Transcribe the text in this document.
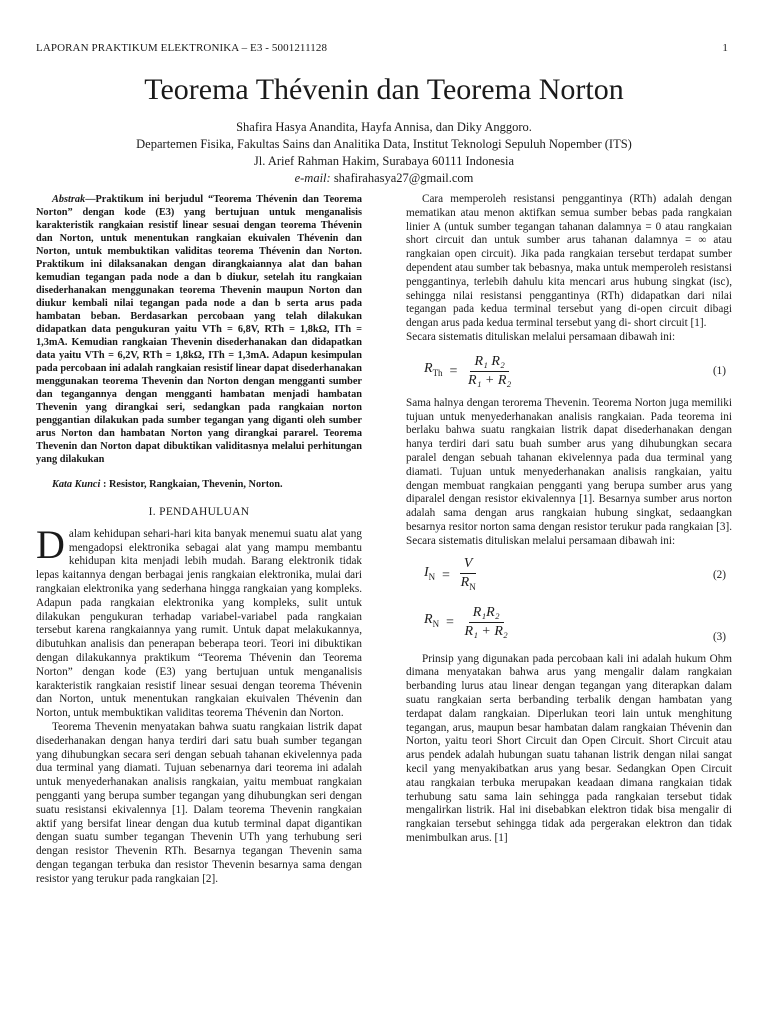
LAPORAN PRAKTIKUM ELEKTRONIKA – E3 - 5001211128	1
Teorema Thévenin dan Teorema Norton
Shafira Hasya Anandita, Hayfa Annisa, dan Diky Anggoro.
Departemen Fisika, Fakultas Sains dan Analitika Data, Institut Teknologi Sepuluh Nopember (ITS)
Jl. Arief Rahman Hakim, Surabaya 60111 Indonesia
e-mail: shafirahasya27@gmail.com

Abstrak—Praktikum ini berjudul “Teorema Thévenin dan Teorema Norton” dengan kode (E3) yang bertujuan untuk menganalisis karakteristik rangkaian resistif linear sesuai dengan teorema Thévenin dan Norton, untuk menentukan rangkaian ekuivalen Thévenin dan Norton, untuk membuktikan validitas teorema Thévenin dan Norton. Praktikum ini dilaksanakan dengan dirangkaiannya alat dan bahan kemudian tegangan pada node a dan b diukur, setelah itu rangkaian disederhanakan menggunakan teorema Thevenin maupun Norton dan diukur kembali nilai tegangan pada node a dan b serta arus pada hambatan beban. Berdasarkan percobaan yang telah dilakukan didapatkan data pengukuran yaitu VTh = 6,8V, RTh = 1,8kΩ, ITh = 1,3mA. Kemudian rangkaian Thevenin disederhanakan dan didapatkan data yaitu VTh = 6,2V, RTh = 1,8kΩ, ITh = 1,3mA. Adapun kesimpulan pada percobaan ini adalah rangkaian resistif linear dapat disederhanakan menggunakan teorema Thevenin dan Norton dengan mengganti sumber dan tegangannya dengan mengganti hambatan menjadi hambatan Thevenin yang dirangkai seri, sedangkan pada rangkaian norton penggantian dilakukan pada sumber tegangan yang diganti oleh sumber arus Norton dan hambatan Norton yang dirangkai pararel. Teorema Thevenin dan Norton dapat dibuktikan validitasnya melalui perhitungan yang dilakukan

Kata Kunci : Resistor, Rangkaian, Thevenin, Norton.

I. PENDAHULUAN

Dalam kehidupan sehari-hari kita banyak menemui suatu alat yang mengadopsi elektronika sebagai alat yang mampu membantu kehidupan kita menjadi lebih mudah. Barang elektronik tidak lepas kaitannya dengan berbagai jenis rangkaian elektronika, mulai dari rangkaian elektronika yang sederhana hingga rangkaian yang kompleks. Adapun pada rangkaian elektronika yang kompleks, sulit untuk dilakukan pengukuran terhadap variabel-variabel pada rangkaian tersebut karena rangkaiannya yang rumit. Untuk dapat melakukannya, dibutuhkan analisis dan penerapan beberapa teori. Teori ini dibuktikan dengan dilakukannya praktikum “Teorema Thévenin dan Teorema Norton” dengan kode (E3) yang bertujuan untuk menganalisis karakteristik rangkaian resistif linear sesuai dengan teorema Thévenin dan Norton, untuk menentukan rangkaian ekuivalen Thévenin dan Norton, untuk membuktikan validitas teorema Thévenin dan Norton.

Teorema Thevenin menyatakan bahwa suatu rangkaian listrik dapat disederhanakan dengan hanya terdiri dari satu buah sumber tegangan yang dihubungkan secara seri dengan sebuah tahanan ekivelennya pada dua terminal yang diamati. Tujuan sebenarnya dari teorema ini adalah untuk menyederhanakan analisis rangkaian, yaitu membuat rangkaian pengganti yang berupa sumber tegangan yang dihubungkan seri dengan suatu resistansi ekivalennya [1]. Dalam teorema Thevenin rangkaian aktif yang bersifat linear dengan dua kutub terminal dapat digantikan dengan suatu sumber tegangan Thevenin UTh yang terhubung seri dengan resistor Thevenin RTh. Besarnya tegangan Thevenin sama dengan tegangan terbuka dan resistor Thevenin besarnya sama dengan resistor yang terukur pada rangkaian [2].

Cara memperoleh resistansi penggantinya (RTh) adalah dengan mematikan atau menon aktifkan semua sumber bebas pada rangkaian linier A (untuk sumber tegangan tahanan dalamnya = 0 atau rangkaian short circuit dan untuk sumber arus tahanan dalamnya = ∞ atau rangkaian open circuit). Jika pada rangkaian tersebut terdapat sumber dependent atau sumber tak bebasnya, maka untuk memperoleh resistansi penggantinya, terlebih dahulu kita mencari arus hubung singkat (isc), sehingga nilai resistansi penggantinya (RTh) didapatkan dari nilai tegangan pada kedua terminal tersebut yang di-open circuit dibagi dengan arus pada kedua terminal tersebut yang di- short circuit [1].

Secara sistematis dituliskan melalui persamaan dibawah ini:

$R_{Th} = \frac{\text{R₁ R₂}}{\text{R₁ + R₂}}$	(1)

Sama halnya dengan terorema Thevenin. Teorema Norton juga memiliki tujuan untuk menyederhanakan analisis rangkaian. Pada teorema ini berlaku bahwa suatu rangkaian listrik dapat disederhanakan dengan hanya terdiri dari satu buah sumber arus yang dihubungkan secara paralel dengan sebuah tahanan ekivelennya pada dua terminal yang diamati. Tujuan untuk menyederhanakan analisis rangkaian, yaitu dengan membuat rangkaian pengganti yang berupa sumber arus yang diparalel dengan resistor ekivalennya [1]. Besarnya sumber arus norton adalah sama dengan arus rangkaian hubung singkat, sedaangkan besarnya resitor norton sama dengan resistor terukur pada rangkaian [3]. Secara sistematis dituliskan melalui persamaan dibawah ini:

$I_N = \frac{V}{R_N}$	(2)
$R_N = \frac{\text{R₁R₂}}{\text{R₁ + R₂}}$	(3)

Prinsip yang digunakan pada percobaan kali ini adalah hukum Ohm dimana menyatakan bahwa arus yang mengalir dalam rangkaian berbanding lurus atau linear dengan tegangan yang diterapkan dalam suatu rangkaian serta berbanding terbalik dengan hambatan yang terdapat dalam rangkaian. Diperlukan teori lain untuk menghitung tegangan, arus, maupun besar hambatan dalam rangkaian Thévenin dan Norton, yaitu teori Short Circuit dan Open Circuit. Short Circuit atau arus pendek adalah hubungan suatu tahanan listrik dengan nilai sangat kecil yang menyakibatkan arus yang besar. Sedangkan Open Circuit atau rangkaian terbuka merupakan keadaan dimana rangkaian tidak terhubung satu sama lain sehingga pada rangkaian tersebut tidak mengalirkan listrik. Hal ini disebabkan elektron tidak bisa mengalir di rangkaian tersebut sehingga tidak ada pergerakan elektron dan tidak menimbulkan arus. [1]
